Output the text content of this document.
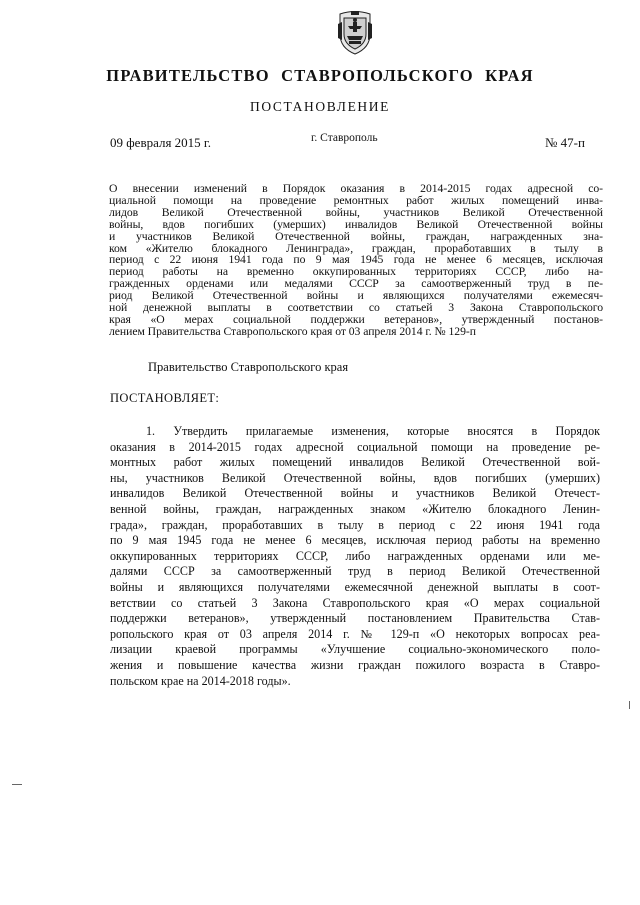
ПРАВИТЕЛЬСТВО СТАВРОПОЛЬСКОГО КРАЯ
ПОСТАНОВЛЕНИЕ
09 февраля 2015 г.	г. Ставрополь	№ 47-п
О внесении изменений в Порядок оказания в 2014-2015 годах адресной со-
циальной помощи на проведение ремонтных работ жилых помещений инва-
лидов Великой Отечественной войны, участников Великой Отечественной
войны, вдов погибших (умерших) инвалидов Великой Отечественной войны
и участников Великой Отечественной войны, граждан, награжденных зна-
ком «Жителю блокадного Ленинграда», граждан, проработавших в тылу в
период с 22 июня 1941 года по 9 мая 1945 года не менее 6 месяцев, исключая
период работы на временно оккупированных территориях СССР, либо на-
гражденных орденами или медалями СССР за самоотверженный труд в пе-
риод Великой Отечественной войны и являющихся получателями ежемесяч-
ной денежной выплаты в соответствии со статьей 3 Закона Ставропольского
края «О мерах социальной поддержки ветеранов», утвержденный постанов-
лением Правительства Ставропольского края от 03 апреля 2014 г. № 129-п
Правительство Ставропольского края
ПОСТАНОВЛЯЕТ:
1. Утвердить прилагаемые изменения, которые вносятся в Порядок
оказания в 2014-2015 годах адресной социальной помощи на проведение ре-
монтных работ жилых помещений инвалидов Великой Отечественной вой-
ны, участников Великой Отечественной войны, вдов погибших (умерших)
инвалидов Великой Отечественной войны и участников Великой Отечест-
венной войны, граждан, награжденных знаком «Жителю блокадного Ленин-
града», граждан, проработавших в тылу в период с 22 июня 1941 года
по 9 мая 1945 года не менее 6 месяцев, исключая период работы на временно
оккупированных территориях СССР, либо награжденных орденами или ме-
далями СССР за самоотверженный труд в период Великой Отечественной
войны и являющихся получателями ежемесячной денежной выплаты в соот-
ветствии со статьей 3 Закона Ставропольского края «О мерах социальной
поддержки ветеранов», утвержденный постановлением Правительства Став-
ропольского края от 03 апреля 2014 г. № 129-п «О некоторых вопросах реа-
лизации краевой программы «Улучшение социально-экономического поло-
жения и повышение качества жизни граждан пожилого возраста в Ставро-
польском крае на 2014-2018 годы».
